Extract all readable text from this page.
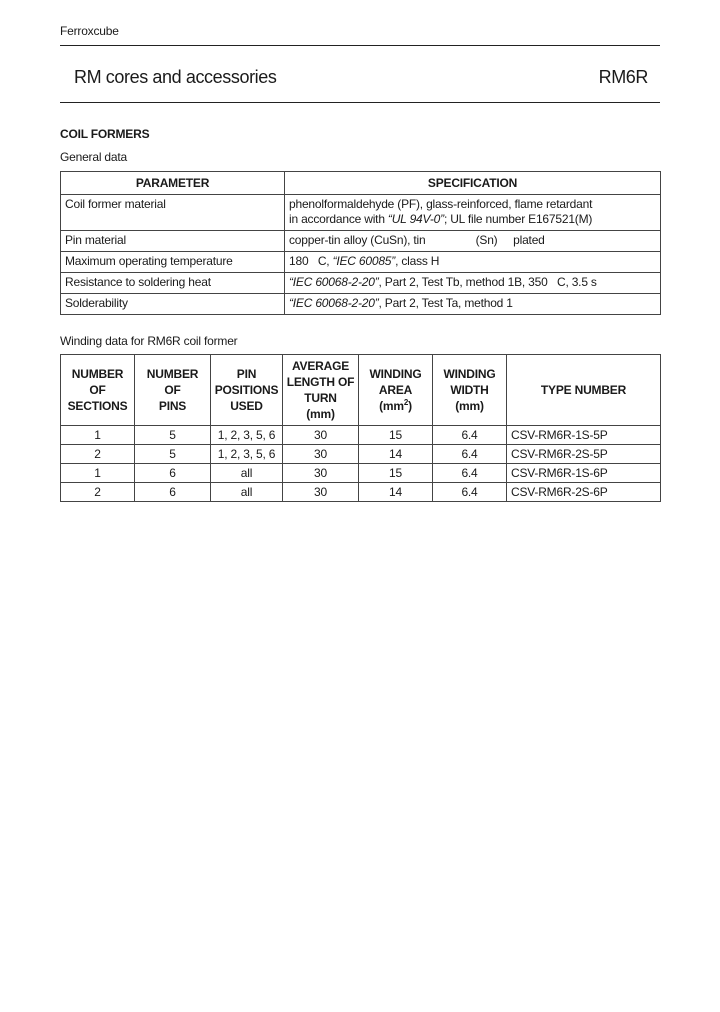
Ferroxcube
RM cores and accessories	RM6R
COIL FORMERS
General data
PARAMETER	SPECIFICATION
Coil former material	phenolformaldehyde (PF), glass-reinforced, flame retardant
in accordance with “UL 94V-0”; UL file number E167521(M)

Pin material	copper-tin alloy (CuSn), tin                (Sn)     plated
Maximum operating temperature	180   C, “IEC 60085”, class H
Resistance to soldering heat	“IEC 60068-2-20”, Part 2, Test Tb, method 1B, 350   C, 3.5 s
Solderability	“IEC 60068-2-20”, Part 2, Test Ta, method 1
Winding data for RM6R coil former
NUMBER
OF
SECTIONS	NUMBER
OF
PINS	PIN
POSITIONS
USED	AVERAGE
LENGTH OF
TURN
(mm)	WINDING
AREA
$(mm^2)$	WINDING
WIDTH
(mm)	TYPE NUMBER
1	5	1, 2, 3, 5, 6	30	15	6.4	CSV-RM6R-1S-5P
2	5	1, 2, 3, 5, 6	30	14	6.4	CSV-RM6R-2S-5P
1	6	all	30	15	6.4	CSV-RM6R-1S-6P
2	6	all	30	14	6.4	CSV-RM6R-2S-6P
